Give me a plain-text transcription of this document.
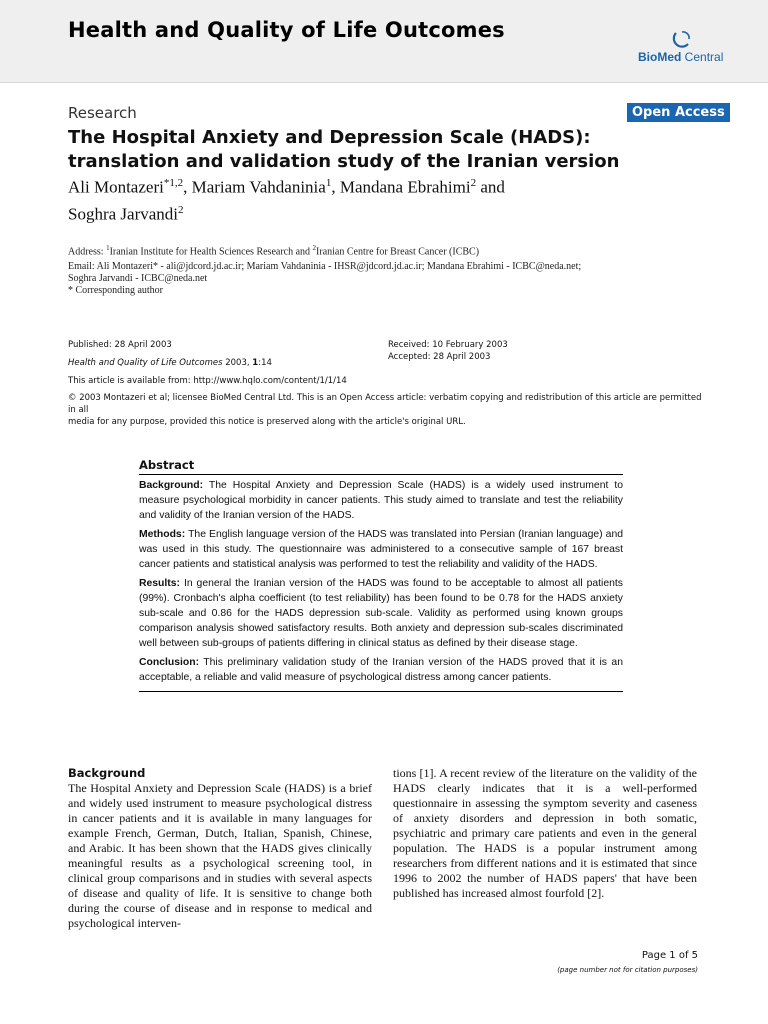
Health and Quality of Life Outcomes
BioMed Central
Research	Open Access
The Hospital Anxiety and Depression Scale (HADS):
translation and validation study of the Iranian version
Ali Montazeri$^{*1,2}$, Mariam Vahdaninia$^1$, Mandana Ebrahimi$^2$ and
Soghra Jarvandi$^2$
Address: $^1$Iranian Institute for Health Sciences Research and $^2$Iranian Centre for Breast Cancer (ICBC)
Email: Ali Montazeri* - ali@jdcord.jd.ac.ir; Mariam Vahdaninia - IHSR@jdcord.jd.ac.ir; Mandana Ebrahimi - ICBC@neda.net;
Soghra Jarvandi - ICBC@neda.net
* Corresponding author
Published: 28 April 2003
Health and Quality of Life Outcomes 2003, 1:14
Received: 10 February 2003
Accepted: 28 April 2003
This article is available from: http://www.hqlo.com/content/1/1/14
© 2003 Montazeri et al; licensee BioMed Central Ltd. This is an Open Access article: verbatim copying and redistribution of this article are permitted in all
media for any purpose, provided this notice is preserved along with the article's original URL.
Abstract

Background: The Hospital Anxiety and Depression Scale (HADS) is a widely used instrument to measure psychological morbidity in cancer patients. This study aimed to translate and test the reliability and validity of the Iranian version of the HADS.

Methods: The English language version of the HADS was translated into Persian (Iranian language) and was used in this study. The questionnaire was administered to a consecutive sample of 167 breast cancer patients and statistical analysis was performed to test the reliability and validity of the HADS.

Results: In general the Iranian version of the HADS was found to be acceptable to almost all patients (99%). Cronbach's alpha coefficient (to test reliability) has been found to be 0.78 for the HADS anxiety sub-scale and 0.86 for the HADS depression sub-scale. Validity as performed using known groups comparison analysis showed satisfactory results. Both anxiety and depression sub-scales discriminated well between sub-groups of patients differing in clinical status as defined by their disease stage.

Conclusion: This preliminary validation study of the Iranian version of the HADS proved that it is an acceptable, a reliable and valid measure of psychological distress among cancer patients.

Background
The Hospital Anxiety and Depression Scale (HADS) is a brief and widely used instrument to measure psychological distress in cancer patients and it is available in many languages for example French, German, Dutch, Italian, Spanish, Chinese, and Arabic. It has been shown that the HADS gives clinically meaningful results as a psychological screening tool, in clinical group comparisons and in studies with several aspects of disease and quality of life. It is sensitive to change both during the course of disease and in response to medical and psychological interven-
tions [1]. A recent review of the literature on the validity of the HADS clearly indicates that it is a well-performed questionnaire in assessing the symptom severity and caseness of anxiety disorders and depression in both somatic, psychiatric and primary care patients and even in the general population. The HADS is a popular instrument among researchers from different nations and it is estimated that since 1996 to 2002 the number of HADS papers' that have been published has increased almost fourfold [2].
Page 1 of 5
(page number not for citation purposes)
